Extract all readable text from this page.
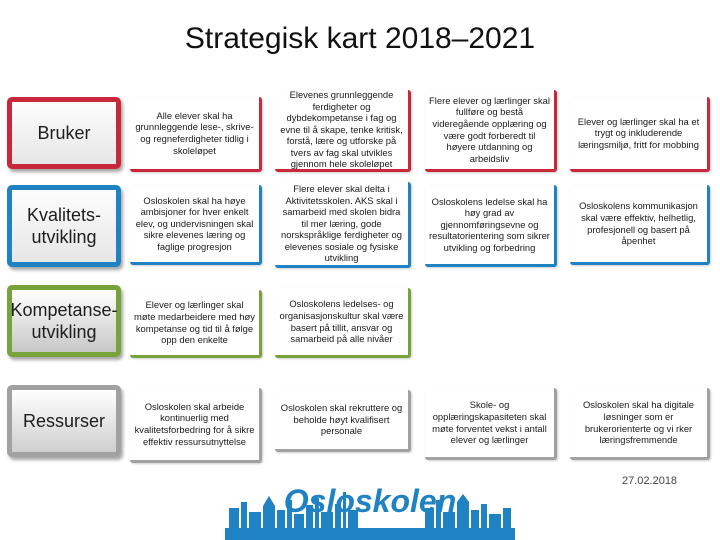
Strategisk kart 2018–2021
Bruker
Alle elever skal ha grunnleggende lese-, skrive- og regneferdigheter tidlig i skoleløpet
Elevenes grunnleggende ferdigheter og dybdekompetanse i fag og evne til å skape, tenke kritisk, forstå, lære og utforske på tvers av fag skal utvikles gjennom hele skoleløpet
Flere elever og lærlinger skal fullføre og bestå videregående opplæring og være godt forberedt til høyere utdanning og arbeidsliv
Elever og lærlinger skal ha et trygt og inkluderende læringsmiljø, fritt for mobbing
Kvalitets-utvikling
Osloskolen skal ha høye ambisjoner for hver enkelt elev, og undervisningen skal sikre elevenes læring og faglige progresjon
Flere elever skal delta i Aktivitetsskolen. AKS skal i samarbeid med skolen bidra til mer læring, gode norskspråklige ferdigheter og elevenes sosiale og fysiske utvikling
Osloskolens ledelse skal ha høy grad av gjennomføringsevne og resultatorientering som sikrer utvikling og forbedring
Osloskolens kommunikasjon skal være effektiv, helhetlig, profesjonell og basert på åpenhet
Kompetanse-utvikling
Elever og lærlinger skal møte medarbeidere med høy kompetanse og tid til å følge opp den enkelte
Osloskolens ledelses- og organisasjonskultur skal være basert på tillit, ansvar og samarbeid på alle nivåer
Ressurser
Osloskolen skal arbeide kontinuerlig med kvalitetsforbedring for å sikre effektiv ressursutnyttelse
Osloskolen skal rekruttere og beholde høyt kvalifisert personale
Skole- og opplæringskapasiteten skal møte forventet vekst i antall elever og lærlinger
Osloskolen skal ha digitale løsninger som er brukerorienterte og vi rker læringsfremmende
27.02.2018
Osloskolen
